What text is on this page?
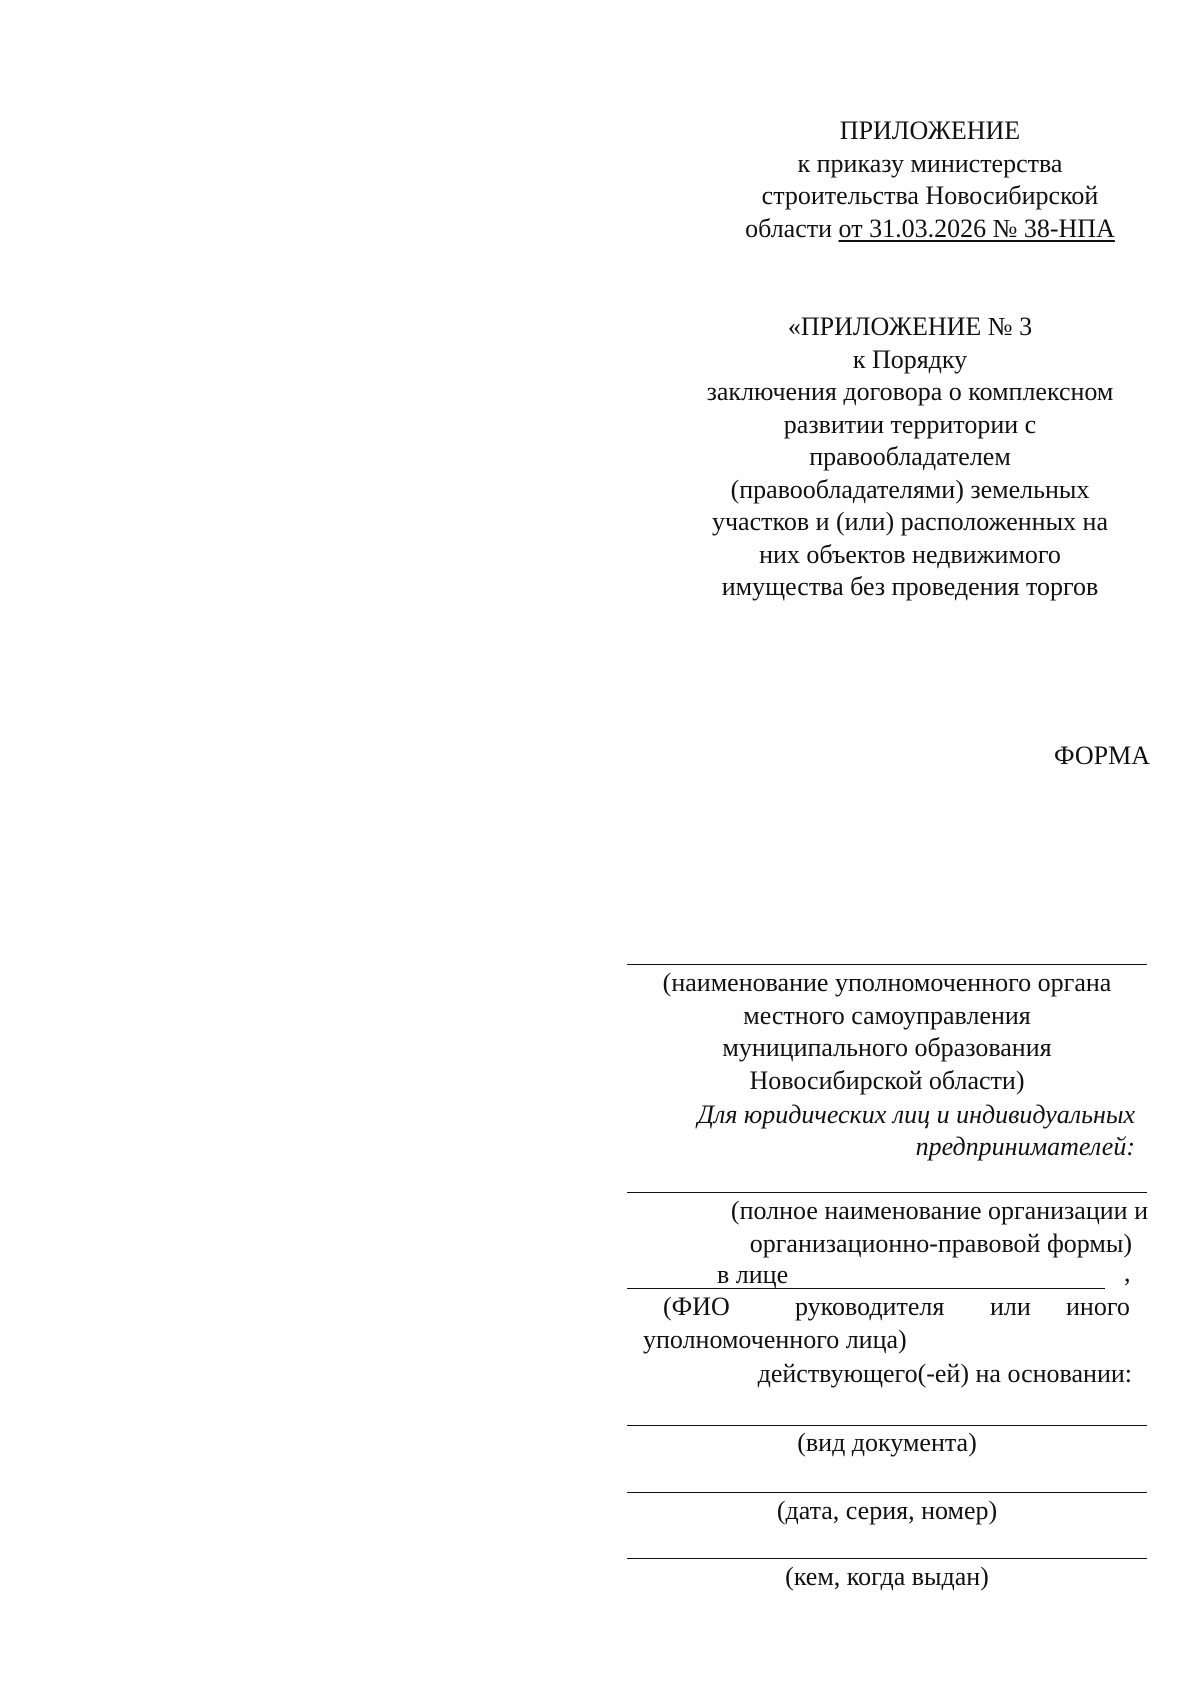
ПРИЛОЖЕНИЕ
к приказу министерства
строительства Новосибирской
области от 31.03.2026 № 38-НПА
«ПРИЛОЖЕНИЕ № 3
к Порядку
заключения договора о комплексном
развитии территории с
правообладателем
(правообладателями) земельных
участков и (или) расположенных на
них объектов недвижимого
имущества без проведения торгов
ФОРМА
(наименование уполномоченного органа
местного самоуправления
муниципального образования
Новосибирской области)
Для юридических лиц и индивидуальных
предпринимателей:
(полное наименование организации и
организационно-правовой формы)
в лице	,
(ФИО	руководителя или иного
уполномоченного лица)
действующего(-ей) на основании:
(вид документа)
(дата, серия, номер)
(кем, когда выдан)
